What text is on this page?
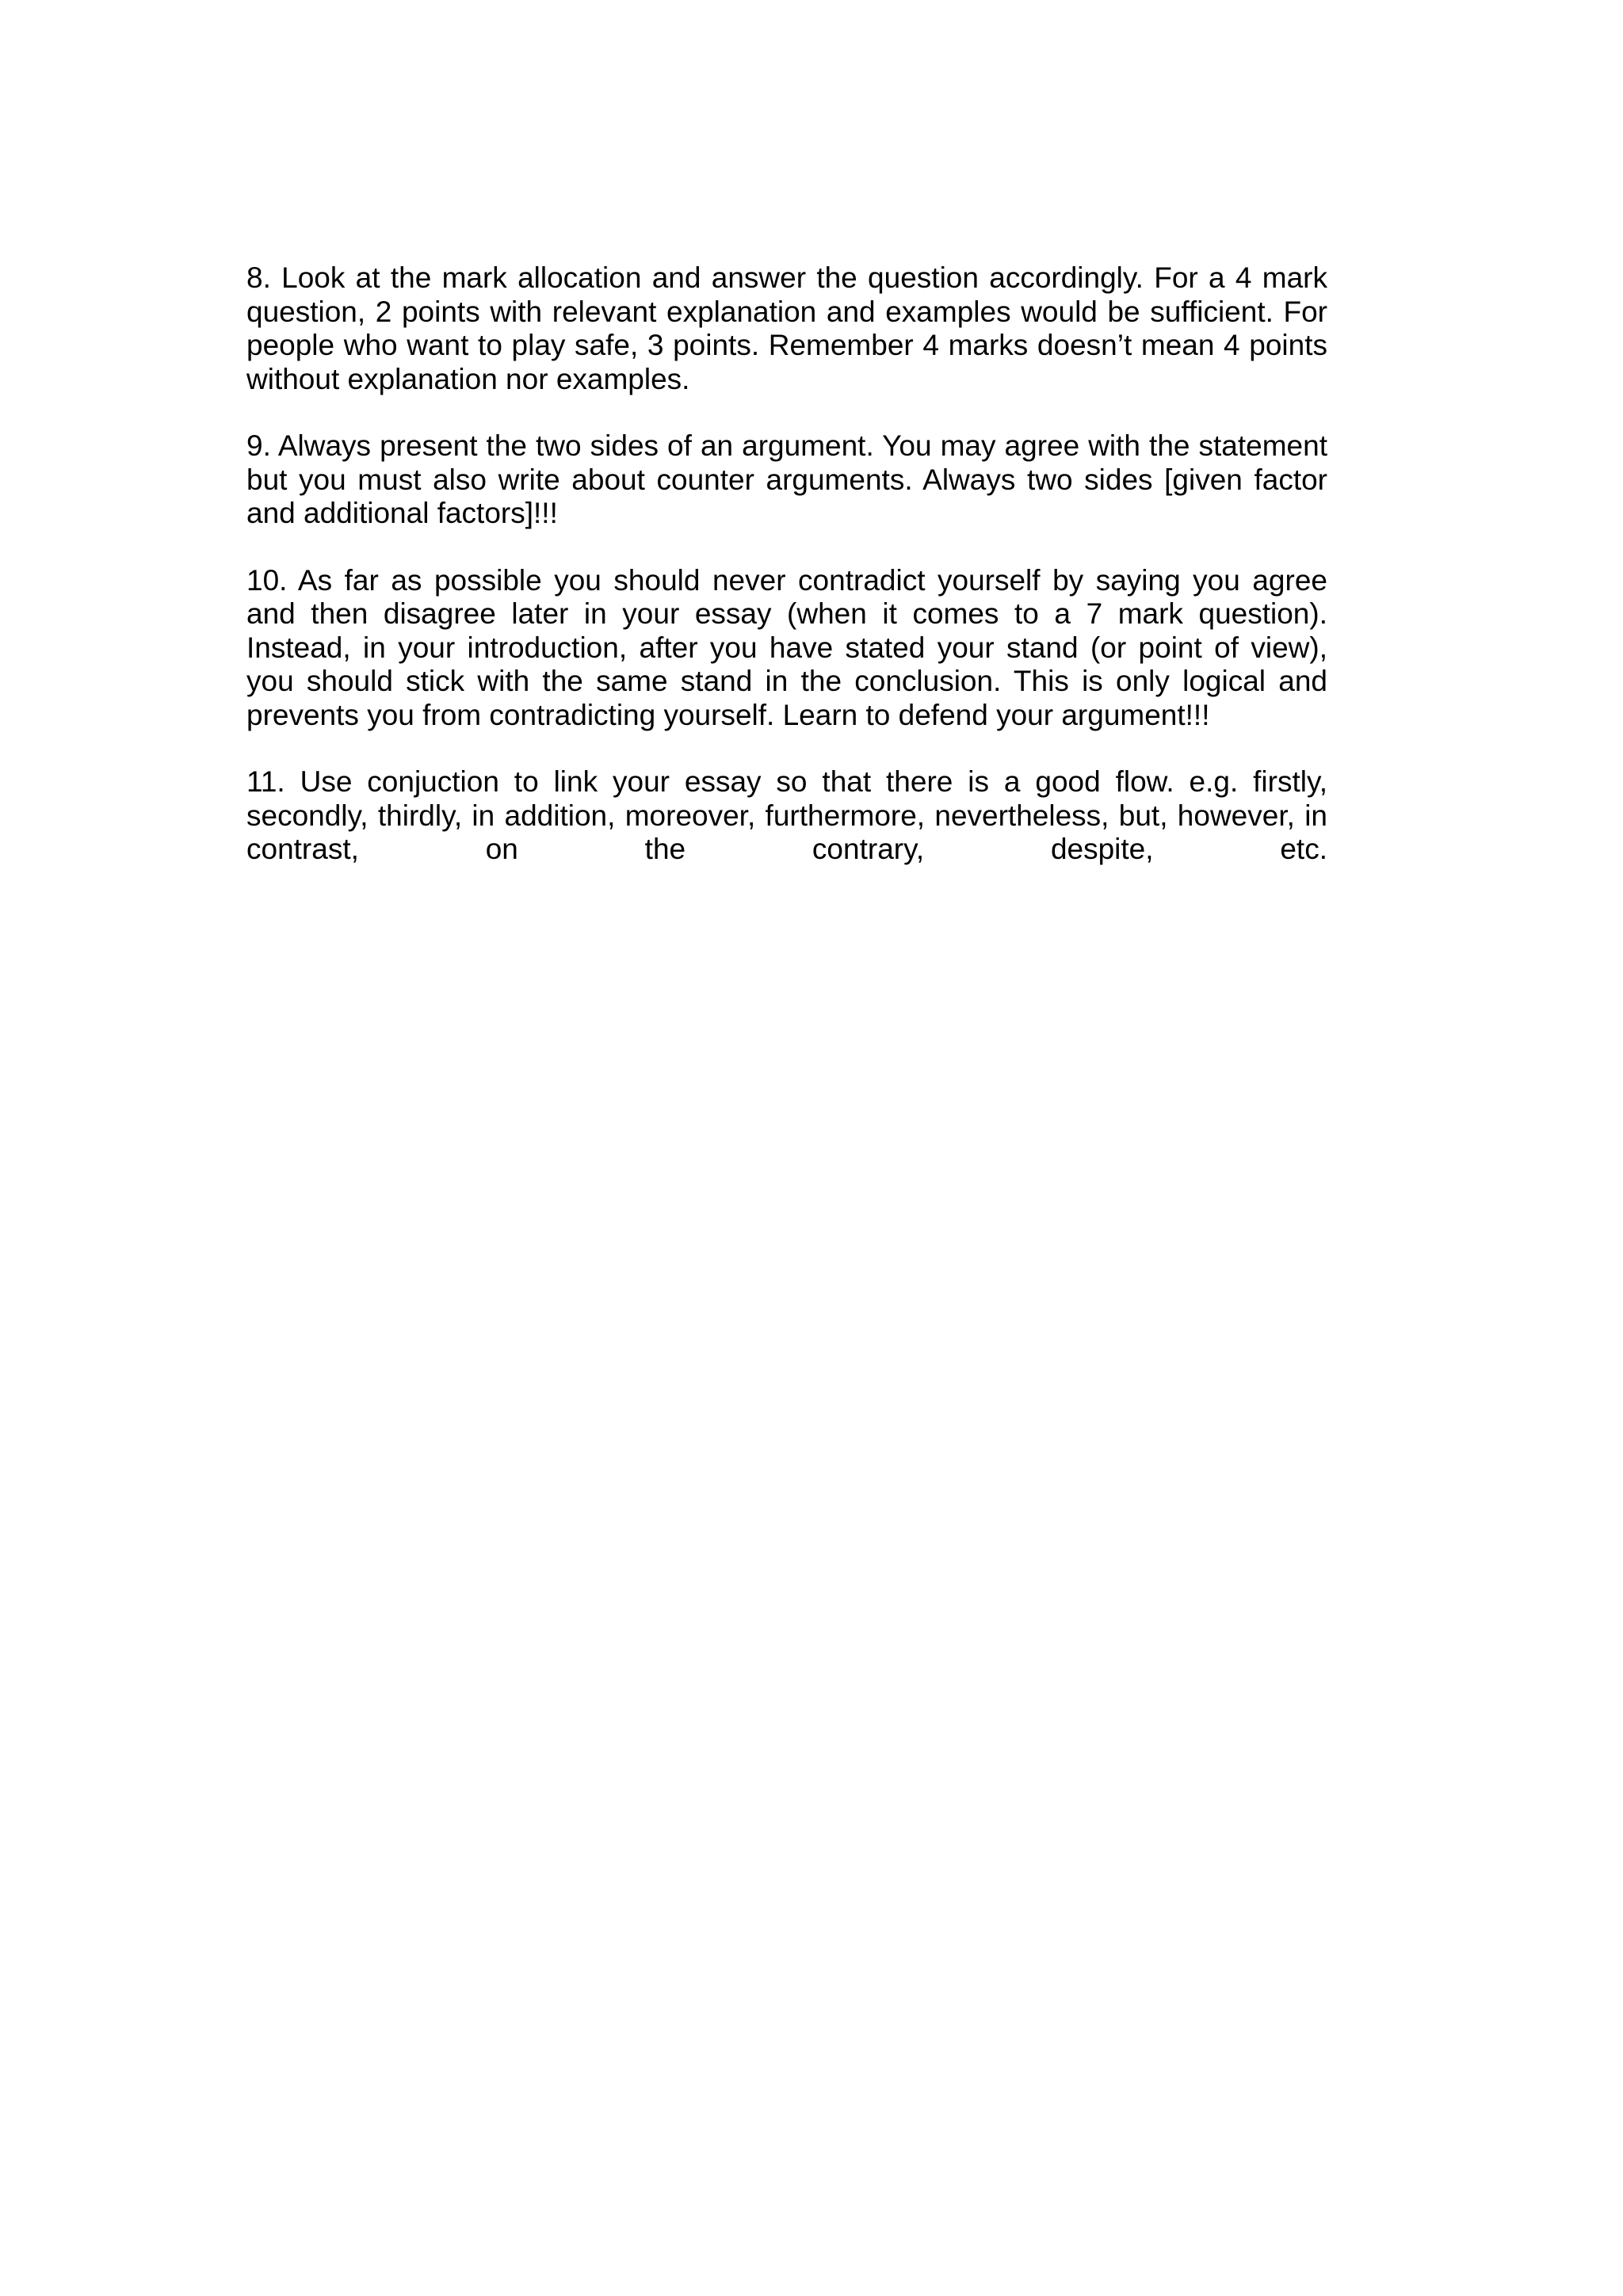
8. Look at the mark allocation and answer the question accordingly. For a 4 mark question, 2 points with relevant explanation and examples would be sufficient. For people who want to play safe, 3 points. Remember 4 marks doesn’t mean 4 points without explanation nor examples.

9. Always present the two sides of an argument. You may agree with the statement but you must also write about counter arguments. Always two sides [given factor and additional factors]!!!

10. As far as possible you should never contradict yourself by saying you agree and then disagree later in your essay (when it comes to a 7 mark question). Instead, in your introduction, after you have stated your stand (or point of view), you should stick with the same stand in the conclusion. This is only logical and prevents you from contradicting yourself. Learn to defend your argument!!!

11. Use conjuction to link your essay so that there is a good flow. e.g. firstly, secondly, thirdly, in addition, moreover, furthermore, nevertheless, but, however, in contrast, on the contrary, despite, etc.
